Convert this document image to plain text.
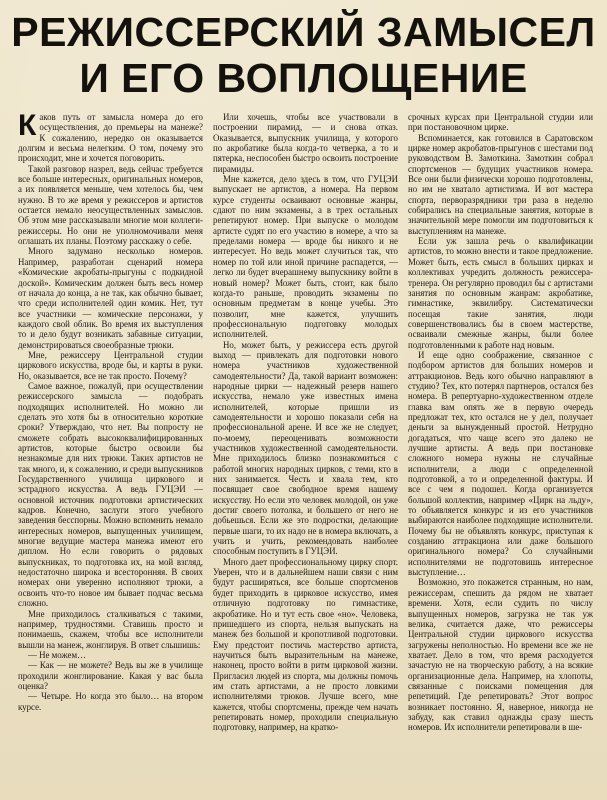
РЕЖИССЕРСКИЙ ЗАМЫСЕЛ
И ЕГО ВОПЛОЩЕНИЕ
К аков путь от замысла номера до его осуществления, до премьеры на манеже? К сожалению, нередко он оказывается долгим и весьма нелегким. О том, почему это происходит, мне и хочется поговорить.

Такой разговор назрел, ведь сейчас требуется все больше интересных, оригинальных номеров, а их появляется меньше, чем хотелось бы, чем нужно. В то же время у режиссеров и артистов остается немало неосуществленных замыслов. Об этом мне рассказывали многие мои коллеги-режиссеры. Но они не уполномочивали меня оглашать их планы. Поэтому расскажу о себе.

Много задумано несколько номеров. Например, разработан сценарий номера «Комические акробаты-прыгуны с подкидной доской». Комическим должен быть весь номер от начала до конца, а не так, как обычно бывает, что среди исполнителей один комик. Нет, тут все участники — комические персонажи, у каждого свой облик. Во время их выступления то и дело будут возникать забавные ситуации, демонстрироваться своеобразные трюки.

Мне, режиссеру Центральной студии циркового искусства, вроде бы, и карты в руки. Но, оказывается, все не так просто. Почему?

Самое важное, пожалуй, при осуществлении режиссерского замысла — подобрать подходящих исполнителей. Но можно ли сделать это хотя бы в относительно короткие сроки? Утверждаю, что нет. Вы попросту не сможете собрать высококвалифицированных артистов, которые быстро освоили бы незнакомые для них трюки. Таких артистов не так много, и, к сожалению, и среди выпускников Государственного училища циркового и эстрадного искусства. А ведь ГУЦЭИ — основной источник подготовки артистических кадров. Конечно, заслуги этого учебного заведения бесспорны. Можно вспомнить немало интересных номеров, выпущенных училищем, многие ведущие мастера манежа имеют его диплом. Но если говорить о рядовых выпускниках, то подготовка их, на мой взгляд, недостаточно широка и всесторонняя. В своих номерах они уверенно исполняют трюки, а освоить что-то новое им бывает подчас весьма сложно.

Мне приходилось сталкиваться с такими, например, трудностями. Ставишь просто и понимаешь, скажем, чтобы все исполнители вышли на манеж, жонглируя. В ответ слышишь:

— Не можем…

— Как — не можете? Ведь вы же в училище проходили жонглирование. Какая у вас была оценка?

— Четыре. Но когда это было… на втором курсе.

Или хочешь, чтобы все участвовали в построении пирамид, — и снова отказ. Оказывается, выпускник училища, у которого по акробатике была когда-то четверка, а то и пятерка, неспособен быстро освоить построение пирамиды.

Мне кажется, дело здесь в том, что ГУЦЭИ выпускает не артистов, а номера. На первом курсе студенты осваивают основные жанры, сдают по ним экзамены, а в трех остальных репетируют номер. При выпуске о молодом артисте судят по его участию в номере, а что за пределами номера — вроде бы никого и не интересует. Но ведь может случиться так, что номер по той или иной причине распадется, — легко ли будет вчерашнему выпускнику войти в новый номер? Может быть, стоит, как было когда-то раньше, проводить экзамены по основным предметам в конце учебы. Это позволит, мне кажется, улучшить профессиональную подготовку молодых исполнителей.

Но, может быть, у режиссера есть другой выход — привлекать для подготовки нового номера участников художественной самодеятельности? Да, такой вариант возможен: народные цирки — надежный резерв нашего искусства, немало уже известных имена исполнителей, которые пришли из самодеятельности и хорошо показали себя на профессиональной арене. И все же не следует, по-моему, переоценивать возможности участников художественной самодеятельности. Мне приходилось близко познакомиться с работой многих народных цирков, с теми, кто в них занимается. Честь и хвала тем, кто посвящает свое свободное время нашему искусству. Но если это человек молодой, он уже достиг своего потолка, и большего от него не добьешься. Если же это подростки, делающие первые шаги, то их надо не в номера включать, а учить и учить, рекомендовать наиболее способным поступить в ГУЦЭИ.

Много дает профессиональному цирку спорт. Уверен, что и в дальнейшем наши связи с ним будут расширяться, все больше спортсменов будет приходить в цирковое искусство, имея отличную подготовку по гимнастике, акробатике. Но и тут есть свое «но». Человека, пришедшего из спорта, нельзя выпускать на манеж без большой и кропотливой подготовки. Ему предстоит постичь мастерство артиста, научиться быть выразительным на манеже, наконец, просто войти в ритм цирковой жизни. Пригласил людей из спорта, мы должны помочь им стать артистами, а не просто ловкими исполнителями трюков. Лучше всего, мне кажется, чтобы спортсмены, прежде чем начать репетировать номер, проходили специальную подготовку, например, на кратко-

срочных курсах при Центральной студии или при постановочном цирке.

Вспоминается, как готовился в Саратовском цирке номер акробатов-прыгунов с шестами под руководством В. Замоткина. Замоткин собрал спортсменов — будущих участников номера. Все они были физически хорошо подготовлены, но им не хватало артистизма. И вот мастера спорта, перворазрядники три раза в неделю собирались на специальные занятия, которые в значительной мере помогли им подготовиться к выступлениям на манеже.

Если уж зашла речь о квалификации артистов, то можно внести и такое предложение. Может быть, есть смысл в больших цирках и коллективах учредить должность режиссера-тренера. Он регулярно проводил бы с артистами занятия по основным жанрам: акробатике, гимнастике, эквилибру. Систематически посещая такие занятия, люди совершенствовались бы в своем мастерстве, осваивали смежные жанры, были более подготовленными к работе над новым.

И еще одно соображение, связанное с подбором артистов для больших номеров и аттракционов. Ведь кого обычно направляют в студию? Тех, кто потерял партнеров, остался без номера. В репертуарно-художественном отделе главка вам опять же в первую очередь предложат тех, кто остался не у дел, получает деньги за вынужденный простой. Нетрудно догадаться, что чаще всего это далеко не лучшие артисты. А ведь при постановке сложного номера нужны не случайные исполнители, а люди с определенной подготовкой, а то и определенной фактуры. И все с чем я подошел. Когда организуется большой коллектив, например «Цирк на льду», то объявляется конкурс и из его участников выбираются наиболее подходящие исполнители. Почему бы не объявлять конкурс, приступая к созданию аттракциона или даже большого оригинального номера? Со случайными исполнителями не подготовишь интересное выступление…

Возможно, это покажется странным, но нам, режиссерам, спешить да рядом не хватает времени. Хотя, если судить по числу выпущенных номеров, загрузка не так уж велика, считается даже, что режиссеры Центральной студии циркового искусства загружены неполностью. Но времени все же не хватает. Дело в том, что время расходуется зачастую не на творческую работу, а на всякие организационные дела. Например, на хлопоты, связанные с поисками помещения для репетиций. Где репетировать? Этот вопрос возникает постоянно. Я, наверное, никогда не забуду, как ставил однажды сразу шесть номеров. Их исполнители репетировали в ше-
